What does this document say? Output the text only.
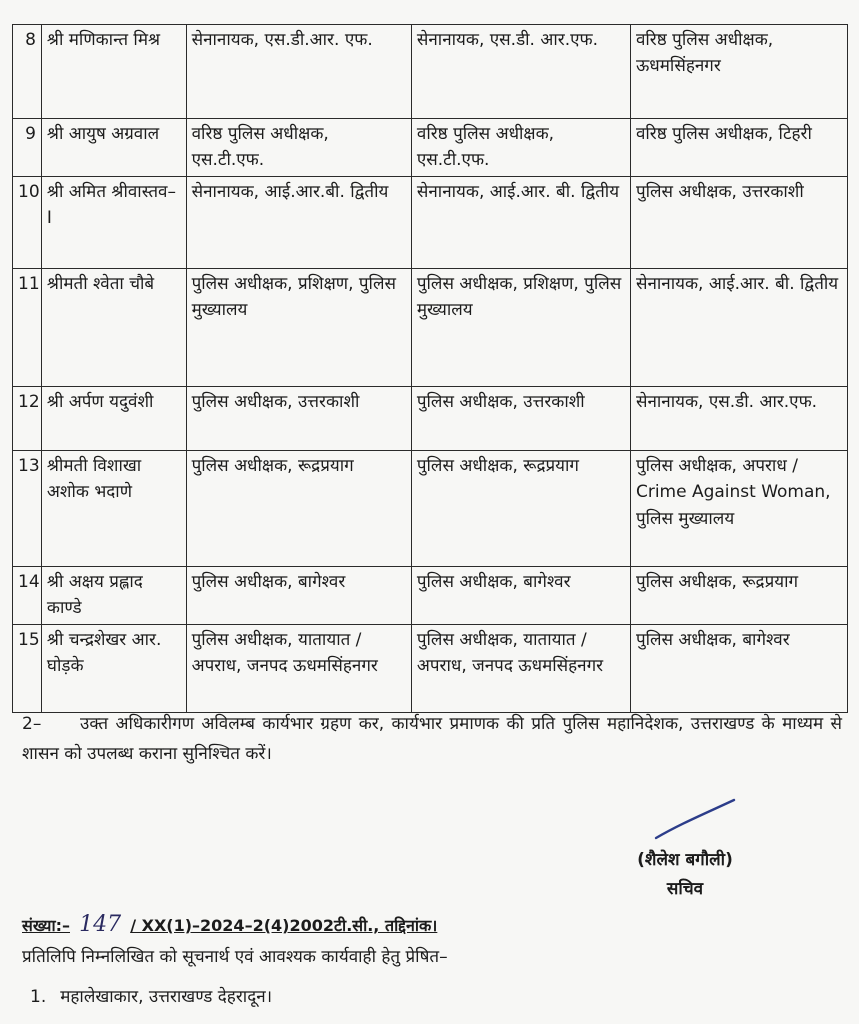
8	श्री मणिकान्त मिश्र	सेनानायक, एस.डी.आर. एफ.	सेनानायक, एस.डी. आर.एफ.	वरिष्ठ पुलिस अधीक्षक, ऊधमसिंहनगर
9	श्री आयुष अग्रवाल	वरिष्ठ पुलिस अधीक्षक, एस.टी.एफ.	वरिष्ठ पुलिस अधीक्षक, एस.टी.एफ.	वरिष्ठ पुलिस अधीक्षक, टिहरी
10	श्री अमित श्रीवास्तव–I	सेनानायक, आई.आर.बी. द्वितीय	सेनानायक, आई.आर. बी. द्वितीय	पुलिस अधीक्षक, उत्तरकाशी
11	श्रीमती श्वेता चौबे	पुलिस अधीक्षक, प्रशिक्षण, पुलिस मुख्यालय	पुलिस अधीक्षक, प्रशिक्षण, पुलिस मुख्यालय	सेनानायक, आई.आर. बी. द्वितीय
12	श्री अर्पण यदुवंशी	पुलिस अधीक्षक, उत्तरकाशी	पुलिस अधीक्षक, उत्तरकाशी	सेनानायक, एस.डी. आर.एफ.
13	श्रीमती विशाखा अशोक भदाणे	पुलिस अधीक्षक, रूद्रप्रयाग	पुलिस अधीक्षक, रूद्रप्रयाग	पुलिस अधीक्षक, अपराध / Crime Against Woman, पुलिस मुख्यालय
14	श्री अक्षय प्रह्लाद काण्डे	पुलिस अधीक्षक, बागेश्वर	पुलिस अधीक्षक, बागेश्वर	पुलिस अधीक्षक, रूद्रप्रयाग
15	श्री चन्द्रशेखर आर. घोड़के	पुलिस अधीक्षक, यातायात / अपराध, जनपद ऊधमसिंहनगर	पुलिस अधीक्षक, यातायात / अपराध, जनपद ऊधमसिंहनगर	पुलिस अधीक्षक, बागेश्वर
2– उक्त अधिकारीगण अविलम्ब कार्यभार ग्रहण कर, कार्यभार प्रमाणक की प्रति पुलिस महानिदेशक, उत्तराखण्ड के माध्यम से शासन को उपलब्ध कराना सुनिश्चित करें।
(शैलेश बगौली)
सचिव
संख्या:– 147 / XX(1)–2024–2(4)2002टी.सी., तद्दिनांक।
प्रतिलिपि निम्नलिखित को सूचनार्थ एवं आवश्यक कार्यवाही हेतु प्रेषित–
1. महालेखाकार, उत्तराखण्ड देहरादून।
